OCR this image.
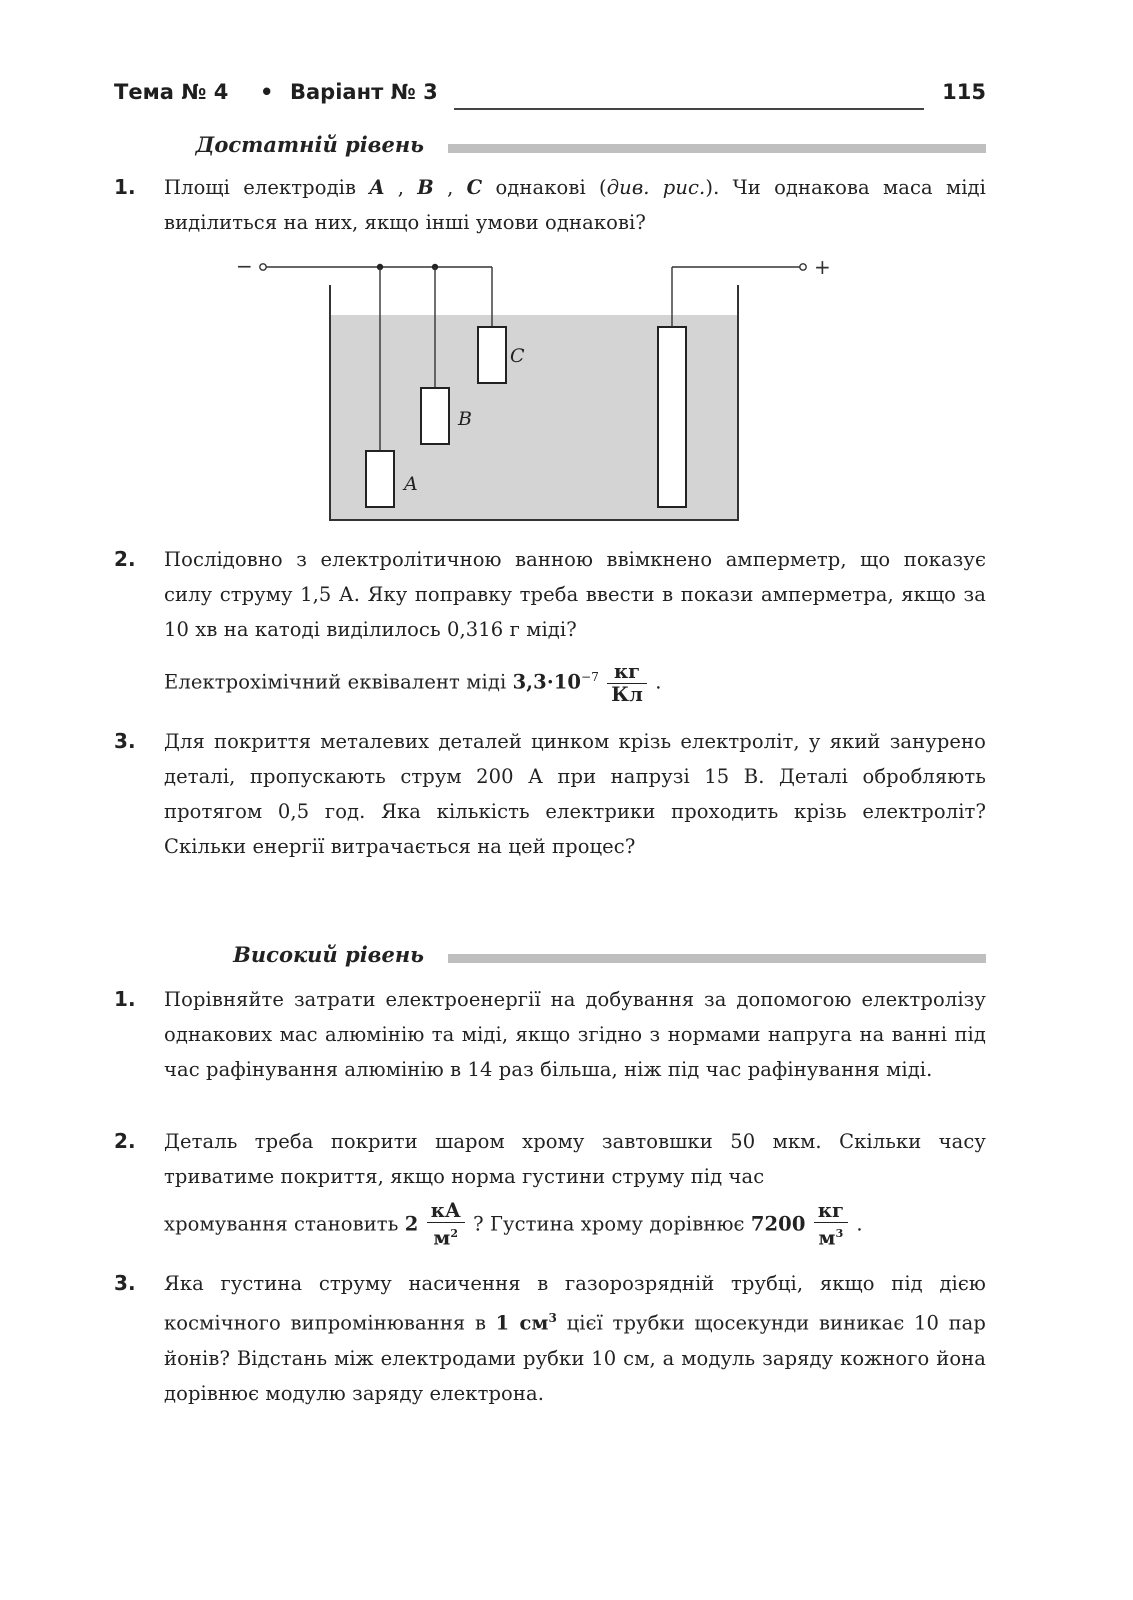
Тема № 4 • Варіант № 3	115
Достатній рівень
1. Площі електродів A , B , C однакові (див. рис.). Чи однакова маса міді виділиться на них, якщо інші умови однакові?
−
A
B
C
+
2. Послідовно з електролітичною ванною ввімкнено амперметр, що показує силу струму 1,5 А. Яку поправку треба ввести в покази амперметра, якщо за 10 хв на катоді виділилось 0,316 г міді?
Електрохімічний еквівалент міді $3,3\cdot 10^{-7} \frac{кг}{Кл}$ .
3. Для покриття металевих деталей цинком крізь електроліт, у який занурено деталі, пропускають струм 200 А при напрузі 15 В. Деталі обробляють протягом 0,5 год. Яка кількість електрики проходить крізь електроліт? Скільки енергії витрачається на цей процес?
Високий рівень
1. Порівняйте затрати електроенергії на добування за допомогою електролізу однакових мас алюмінію та міді, якщо згідно з нормами напруга на ванні під час рафінування алюмінію в 14 раз більша, ніж під час рафінування міді.
2. Деталь треба покрити шаром хрому завтовшки 50 мкм. Скільки часу триватиме покриття, якщо норма густини струму під час
хромування становить $2 \frac{кА}{м^2}$ ? Густина хрому дорівнює $7200 \frac{кг}{м^3}$ .
3. Яка густина струму насичення в газорозрядній трубці, якщо під дією космічного випромінювання в 1 $см^3$ цієї трубки щосекунди виникає 10 пар йонів? Відстань між електродами рубки 10 см, а модуль заряду кожного йона дорівнює модулю заряду електрона.
